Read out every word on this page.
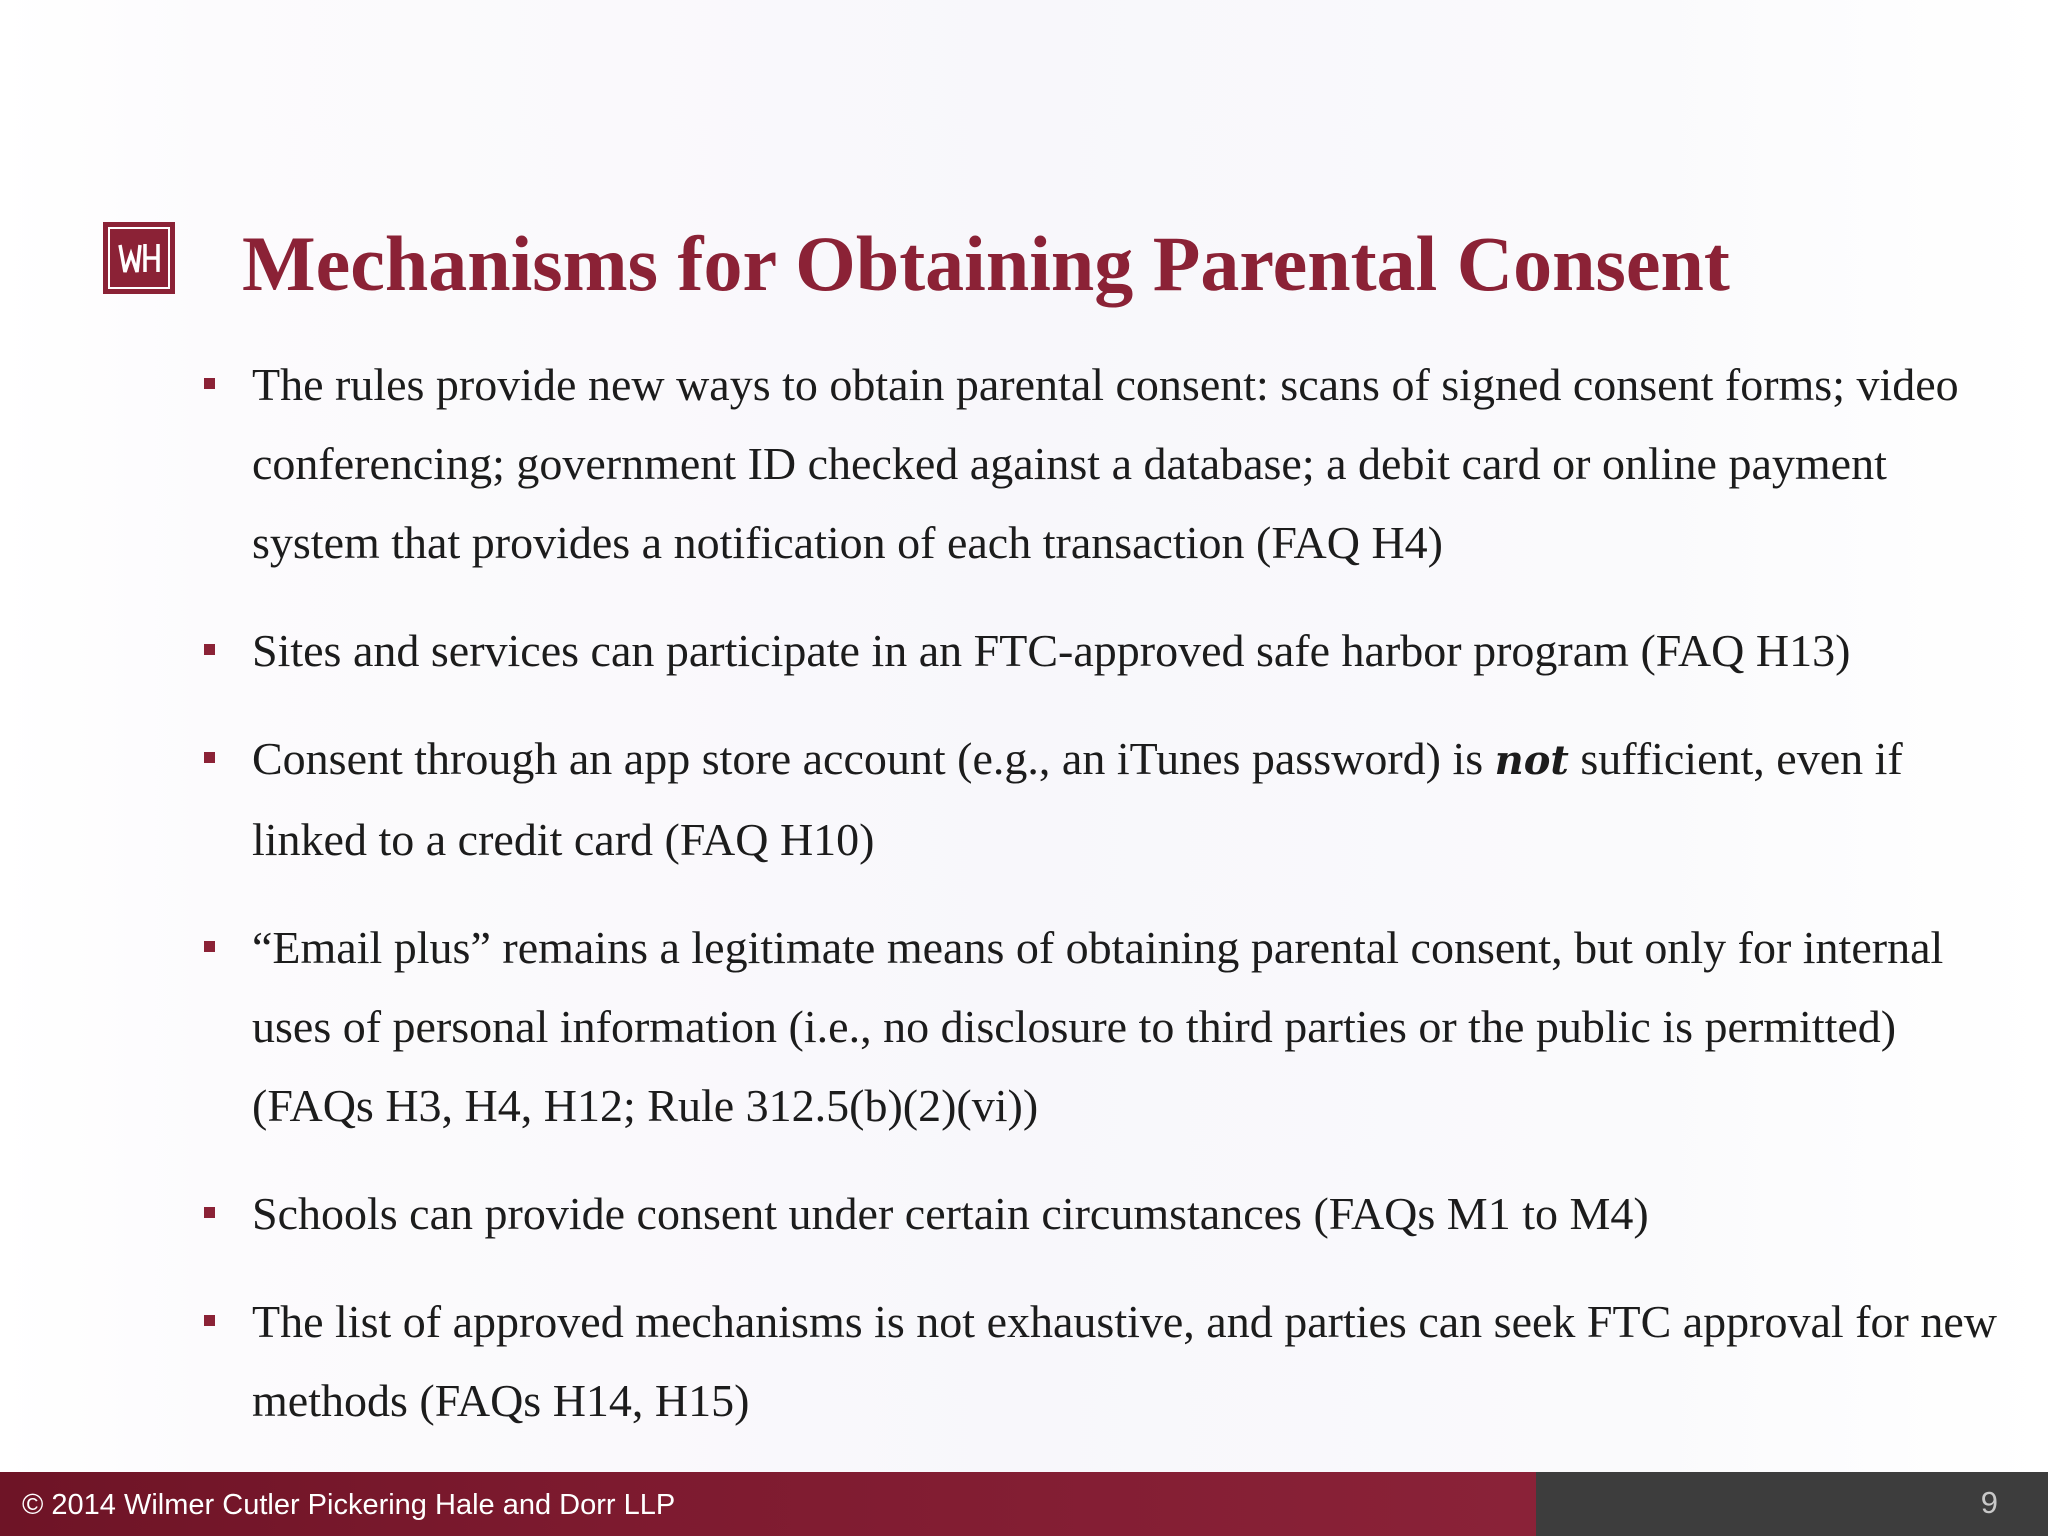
Mechanisms for Obtaining Parental Consent
The rules provide new ways to obtain parental consent: scans of signed consent forms; video conferencing; government ID checked against a database; a debit card or online payment system that provides a notification of each transaction (FAQ H4)
Sites and services can participate in an FTC-approved safe harbor program (FAQ H13)
Consent through an app store account (e.g., an iTunes password) is not sufficient, even if linked to a credit card (FAQ H10)
“Email plus” remains a legitimate means of obtaining parental consent, but only for internal uses of personal information (i.e., no disclosure to third parties or the public is permitted) (FAQs H3, H4, H12; Rule 312.5(b)(2)(vi))
Schools can provide consent under certain circumstances (FAQs M1 to M4)
The list of approved mechanisms is not exhaustive, and parties can seek FTC approval for new methods (FAQs H14, H15)
© 2014 Wilmer Cutler Pickering Hale and Dorr LLP	9
